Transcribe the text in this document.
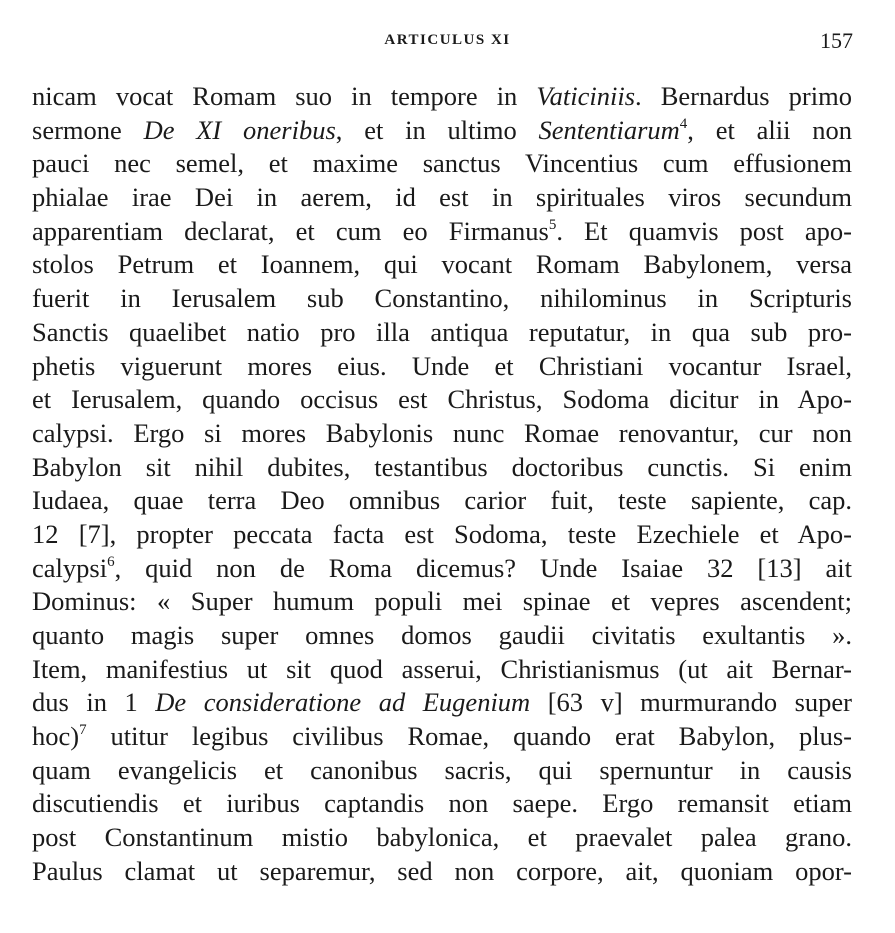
ARTICULUS XI	157
nicam vocat Romam suo in tempore in Vaticiniis. Bernardus primo
sermone De XI oneribus, et in ultimo Sententiarum$^4$, et alii non
pauci nec semel, et maxime sanctus Vincentius cum effusionem
phialae irae Dei in aerem, id est in spirituales viros secundum
apparentiam declarat, et cum eo Firmanus$^5$. Et quamvis post apo-
stolos Petrum et Ioannem, qui vocant Romam Babylonem, versa
fuerit in Ierusalem sub Constantino, nihilominus in Scripturis
Sanctis quaelibet natio pro illa antiqua reputatur, in qua sub pro-
phetis viguerunt mores eius. Unde et Christiani vocantur Israel,
et Ierusalem, quando occisus est Christus, Sodoma dicitur in Apo-
calypsi. Ergo si mores Babylonis nunc Romae renovantur, cur non
Babylon sit nihil dubites, testantibus doctoribus cunctis. Si enim
Iudaea, quae terra Deo omnibus carior fuit, teste sapiente, cap.
12 [7], propter peccata facta est Sodoma, teste Ezechiele et Apo-
calypsi$^6$, quid non de Roma dicemus? Unde Isaiae 32 [13] ait
Dominus: « Super humum populi mei spinae et vepres ascendent;
quanto magis super omnes domos gaudii civitatis exultantis ».
Item, manifestius ut sit quod asserui, Christianismus (ut ait Bernar-
dus in 1 De consideratione ad Eugenium [63 v] murmurando super
hoc)$^7$ utitur legibus civilibus Romae, quando erat Babylon, plus-
quam evangelicis et canonibus sacris, qui spernuntur in causis
discutiendis et iuribus captandis non saepe. Ergo remansit etiam
post Constantinum mistio babylonica, et praevalet palea grano.
Paulus clamat ut separemur, sed non corpore, ait, quoniam opor-
